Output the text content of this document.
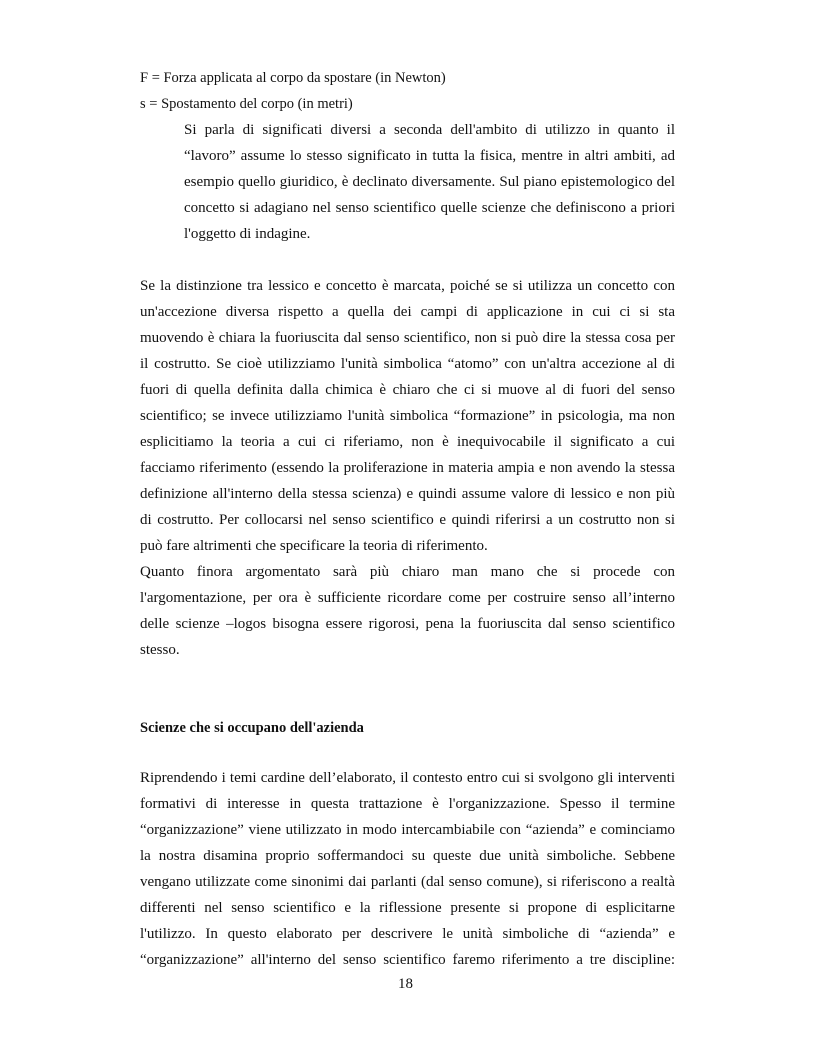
F = Forza applicata al corpo da spostare (in Newton)
s = Spostamento del corpo (in metri)
Si parla di significati diversi a seconda dell'ambito di utilizzo in quanto il
“lavoro” assume lo stesso significato in tutta la fisica, mentre in altri ambiti, ad
esempio quello giuridico, è declinato diversamente. Sul piano epistemologico del
concetto si adagiano nel senso scientifico quelle scienze che definiscono a priori
l'oggetto di indagine.
Se la distinzione tra lessico e concetto è marcata, poiché se si utilizza un concetto con
un'accezione diversa rispetto a quella dei campi di applicazione in cui ci si sta
muovendo è chiara la fuoriuscita dal senso scientifico, non si può dire la stessa cosa per
il costrutto. Se cioè utilizziamo l'unità simbolica “atomo” con un'altra accezione al di
fuori di quella definita dalla chimica è chiaro che ci si muove al di fuori del senso
scientifico; se invece utilizziamo l'unità simbolica “formazione” in psicologia, ma non
esplicitiamo la teoria a cui ci riferiamo, non è inequivocabile il significato a cui
facciamo riferimento (essendo la proliferazione in materia ampia e non avendo la stessa
definizione all'interno della stessa scienza) e quindi assume valore di lessico e non più
di costrutto. Per collocarsi nel senso scientifico e quindi riferirsi a un costrutto non si
può fare altrimenti che specificare la teoria di riferimento.
Quanto finora argomentato sarà più chiaro man mano che si procede con
l'argomentazione, per ora è sufficiente ricordare come per costruire senso all’interno
delle scienze –logos bisogna essere rigorosi, pena la fuoriuscita dal senso scientifico
stesso.
Scienze che si occupano dell'azienda
Riprendendo i temi cardine dell’elaborato, il contesto entro cui si svolgono gli interventi
formativi di interesse in questa trattazione è l'organizzazione. Spesso il termine
“organizzazione” viene utilizzato in modo intercambiabile con “azienda” e cominciamo
la nostra disamina proprio soffermandoci su queste due unità simboliche. Sebbene
vengano utilizzate come sinonimi dai parlanti (dal senso comune), si riferiscono a realtà
differenti nel senso scientifico e la riflessione presente si propone di esplicitarne
l'utilizzo. In questo elaborato per descrivere le unità simboliche di “azienda” e
“organizzazione” all'interno del senso scientifico faremo riferimento a tre discipline:
18
